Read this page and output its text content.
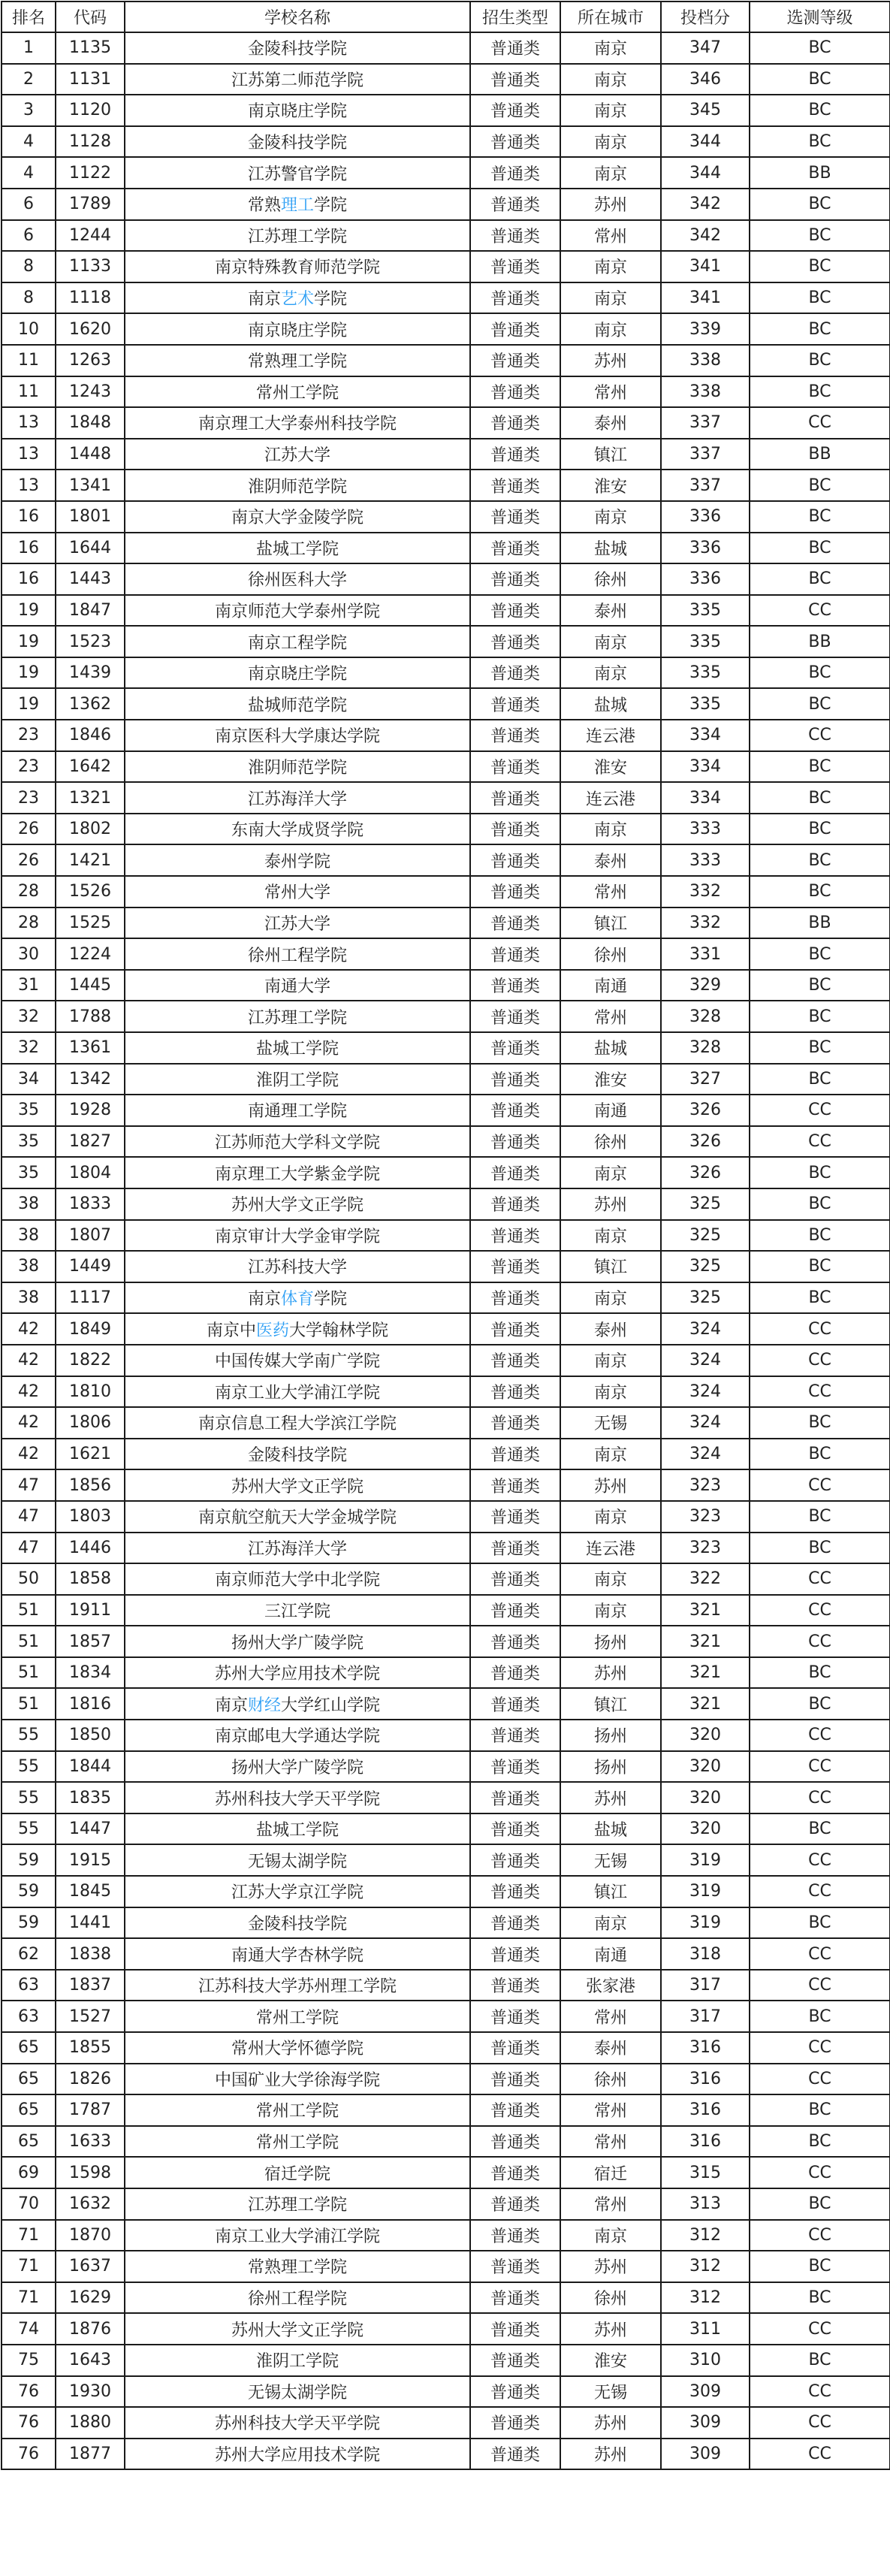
排名	代码	学校名称	招生类型	所在城市	投档分	选测等级
1	1135	金陵科技学院	普通类	南京	347	BC
2	1131	江苏第二师范学院	普通类	南京	346	BC
3	1120	南京晓庄学院	普通类	南京	345	BC
4	1128	金陵科技学院	普通类	南京	344	BC
4	1122	江苏警官学院	普通类	南京	344	BB
6	1789	常熟理工学院	普通类	苏州	342	BC
6	1244	江苏理工学院	普通类	常州	342	BC
8	1133	南京特殊教育师范学院	普通类	南京	341	BC
8	1118	南京艺术学院	普通类	南京	341	BC
10	1620	南京晓庄学院	普通类	南京	339	BC
11	1263	常熟理工学院	普通类	苏州	338	BC
11	1243	常州工学院	普通类	常州	338	BC
13	1848	南京理工大学泰州科技学院	普通类	泰州	337	CC
13	1448	江苏大学	普通类	镇江	337	BB
13	1341	淮阴师范学院	普通类	淮安	337	BC
16	1801	南京大学金陵学院	普通类	南京	336	BC
16	1644	盐城工学院	普通类	盐城	336	BC
16	1443	徐州医科大学	普通类	徐州	336	BC
19	1847	南京师范大学泰州学院	普通类	泰州	335	CC
19	1523	南京工程学院	普通类	南京	335	BB
19	1439	南京晓庄学院	普通类	南京	335	BC
19	1362	盐城师范学院	普通类	盐城	335	BC
23	1846	南京医科大学康达学院	普通类	连云港	334	CC
23	1642	淮阴师范学院	普通类	淮安	334	BC
23	1321	江苏海洋大学	普通类	连云港	334	BC
26	1802	东南大学成贤学院	普通类	南京	333	BC
26	1421	泰州学院	普通类	泰州	333	BC
28	1526	常州大学	普通类	常州	332	BC
28	1525	江苏大学	普通类	镇江	332	BB
30	1224	徐州工程学院	普通类	徐州	331	BC
31	1445	南通大学	普通类	南通	329	BC
32	1788	江苏理工学院	普通类	常州	328	BC
32	1361	盐城工学院	普通类	盐城	328	BC
34	1342	淮阴工学院	普通类	淮安	327	BC
35	1928	南通理工学院	普通类	南通	326	CC
35	1827	江苏师范大学科文学院	普通类	徐州	326	CC
35	1804	南京理工大学紫金学院	普通类	南京	326	BC
38	1833	苏州大学文正学院	普通类	苏州	325	BC
38	1807	南京审计大学金审学院	普通类	南京	325	BC
38	1449	江苏科技大学	普通类	镇江	325	BC
38	1117	南京体育学院	普通类	南京	325	BC
42	1849	南京中医药大学翰林学院	普通类	泰州	324	CC
42	1822	中国传媒大学南广学院	普通类	南京	324	CC
42	1810	南京工业大学浦江学院	普通类	南京	324	CC
42	1806	南京信息工程大学滨江学院	普通类	无锡	324	BC
42	1621	金陵科技学院	普通类	南京	324	BC
47	1856	苏州大学文正学院	普通类	苏州	323	CC
47	1803	南京航空航天大学金城学院	普通类	南京	323	BC
47	1446	江苏海洋大学	普通类	连云港	323	BC
50	1858	南京师范大学中北学院	普通类	南京	322	CC
51	1911	三江学院	普通类	南京	321	CC
51	1857	扬州大学广陵学院	普通类	扬州	321	CC
51	1834	苏州大学应用技术学院	普通类	苏州	321	BC
51	1816	南京财经大学红山学院	普通类	镇江	321	BC
55	1850	南京邮电大学通达学院	普通类	扬州	320	CC
55	1844	扬州大学广陵学院	普通类	扬州	320	CC
55	1835	苏州科技大学天平学院	普通类	苏州	320	CC
55	1447	盐城工学院	普通类	盐城	320	BC
59	1915	无锡太湖学院	普通类	无锡	319	CC
59	1845	江苏大学京江学院	普通类	镇江	319	CC
59	1441	金陵科技学院	普通类	南京	319	BC
62	1838	南通大学杏林学院	普通类	南通	318	CC
63	1837	江苏科技大学苏州理工学院	普通类	张家港	317	CC
63	1527	常州工学院	普通类	常州	317	BC
65	1855	常州大学怀德学院	普通类	泰州	316	CC
65	1826	中国矿业大学徐海学院	普通类	徐州	316	CC
65	1787	常州工学院	普通类	常州	316	BC
65	1633	常州工学院	普通类	常州	316	BC
69	1598	宿迁学院	普通类	宿迁	315	CC
70	1632	江苏理工学院	普通类	常州	313	BC
71	1870	南京工业大学浦江学院	普通类	南京	312	CC
71	1637	常熟理工学院	普通类	苏州	312	BC
71	1629	徐州工程学院	普通类	徐州	312	BC
74	1876	苏州大学文正学院	普通类	苏州	311	CC
75	1643	淮阴工学院	普通类	淮安	310	BC
76	1930	无锡太湖学院	普通类	无锡	309	CC
76	1880	苏州科技大学天平学院	普通类	苏州	309	CC
76	1877	苏州大学应用技术学院	普通类	苏州	309	CC
